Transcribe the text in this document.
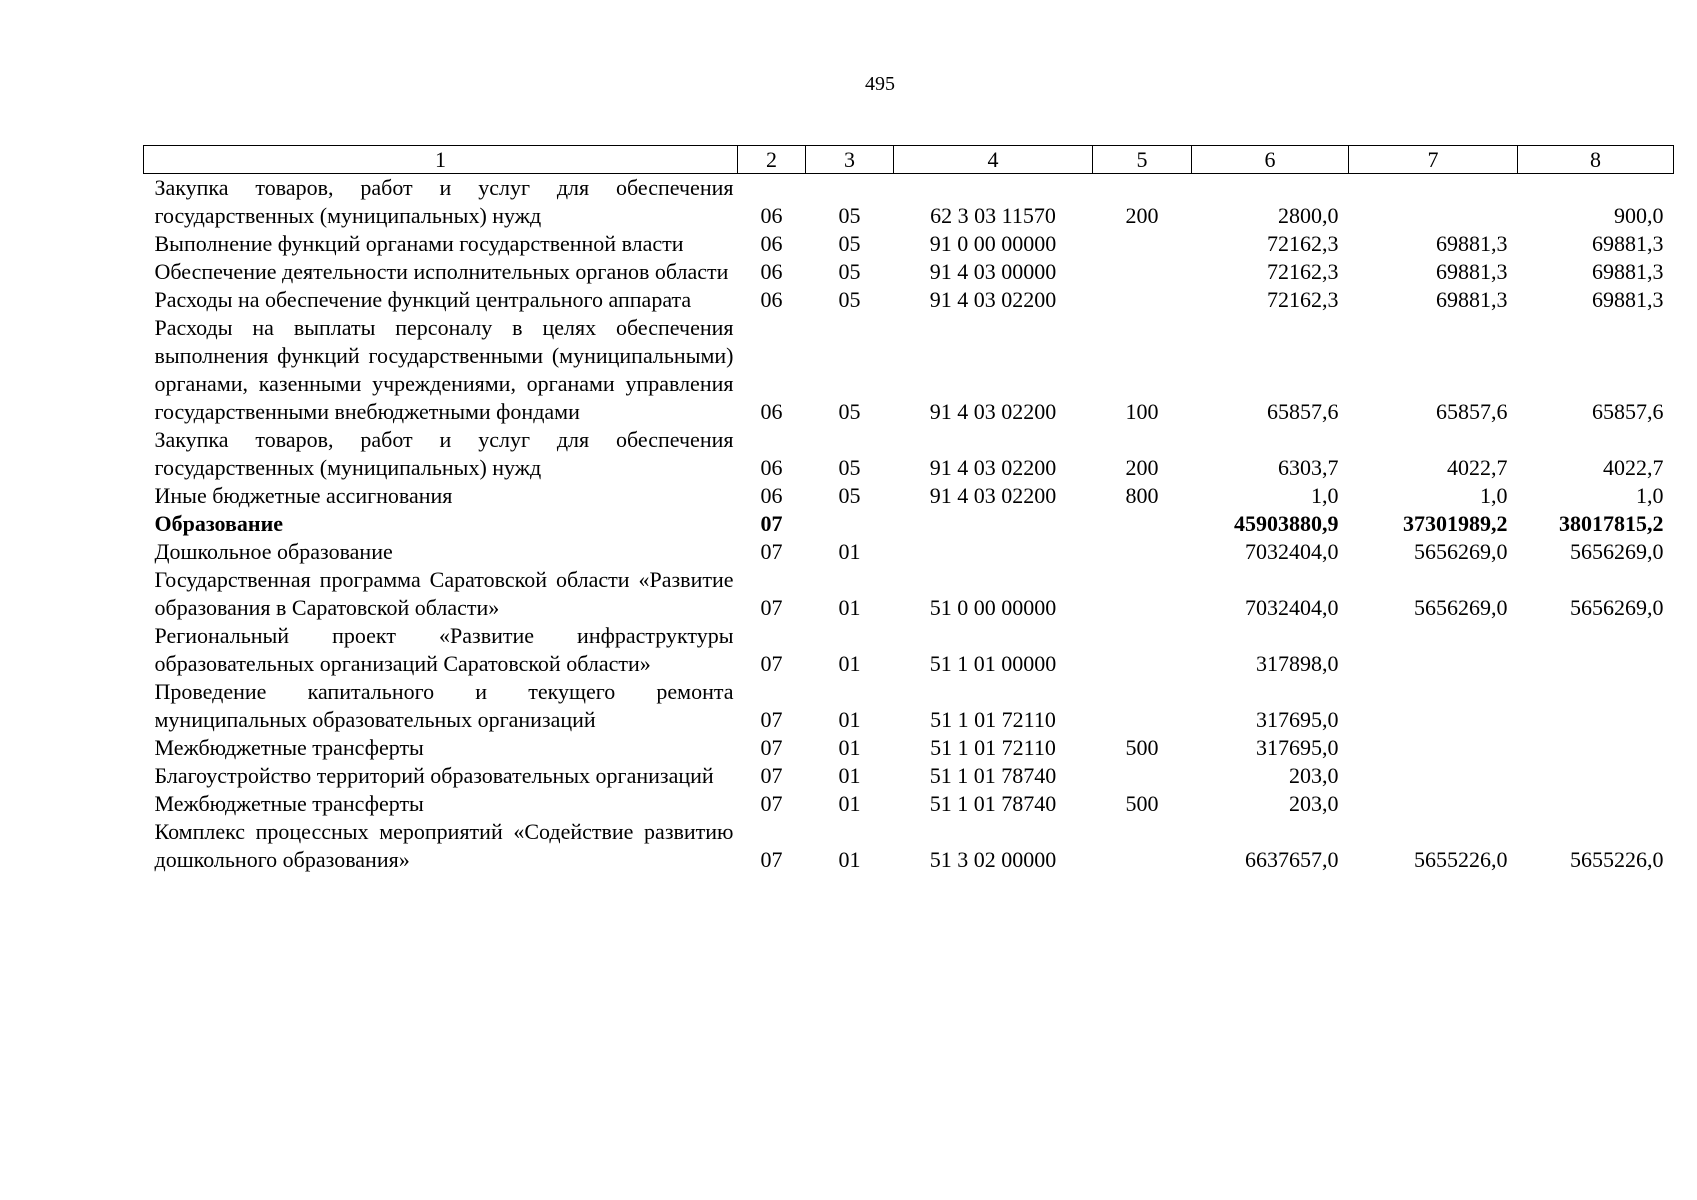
495
1	2	3	4	5	6	7	8
Закупка товаров, работ и услуг для обеспечения государственных (муниципальных) нужд	06	05	62 3 03 11570	200	2800,0		900,0
Выполнение функций органами государственной власти	06	05	91 0 00 00000		72162,3	69881,3	69881,3
Обеспечение деятельности исполнительных органов области	06	05	91 4 03 00000		72162,3	69881,3	69881,3
Расходы на обеспечение функций центрального аппарата	06	05	91 4 03 02200		72162,3	69881,3	69881,3
Расходы на выплаты персоналу в целях обеспечения выполнения функций государственными (муниципальными) органами, казенными учреждениями, органами управления государственными внебюджетными фондами	06	05	91 4 03 02200	100	65857,6	65857,6	65857,6
Закупка товаров, работ и услуг для обеспечения государственных (муниципальных) нужд	06	05	91 4 03 02200	200	6303,7	4022,7	4022,7
Иные бюджетные ассигнования	06	05	91 4 03 02200	800	1,0	1,0	1,0
Образование	07				45903880,9	37301989,2	38017815,2
Дошкольное образование	07	01			7032404,0	5656269,0	5656269,0
Государственная программа Саратовской области «Развитие образования в Саратовской области»	07	01	51 0 00 00000		7032404,0	5656269,0	5656269,0
Региональный проект «Развитие инфраструктуры образовательных организаций Саратовской области»	07	01	51 1 01 00000		317898,0		
Проведение капитального и текущего ремонта муниципальных образовательных организаций	07	01	51 1 01 72110		317695,0		
Межбюджетные трансферты	07	01	51 1 01 72110	500	317695,0		
Благоустройство территорий образовательных организаций	07	01	51 1 01 78740		203,0		
Межбюджетные трансферты	07	01	51 1 01 78740	500	203,0		
Комплекс процессных мероприятий «Содействие развитию дошкольного образования»	07	01	51 3 02 00000		6637657,0	5655226,0	5655226,0
